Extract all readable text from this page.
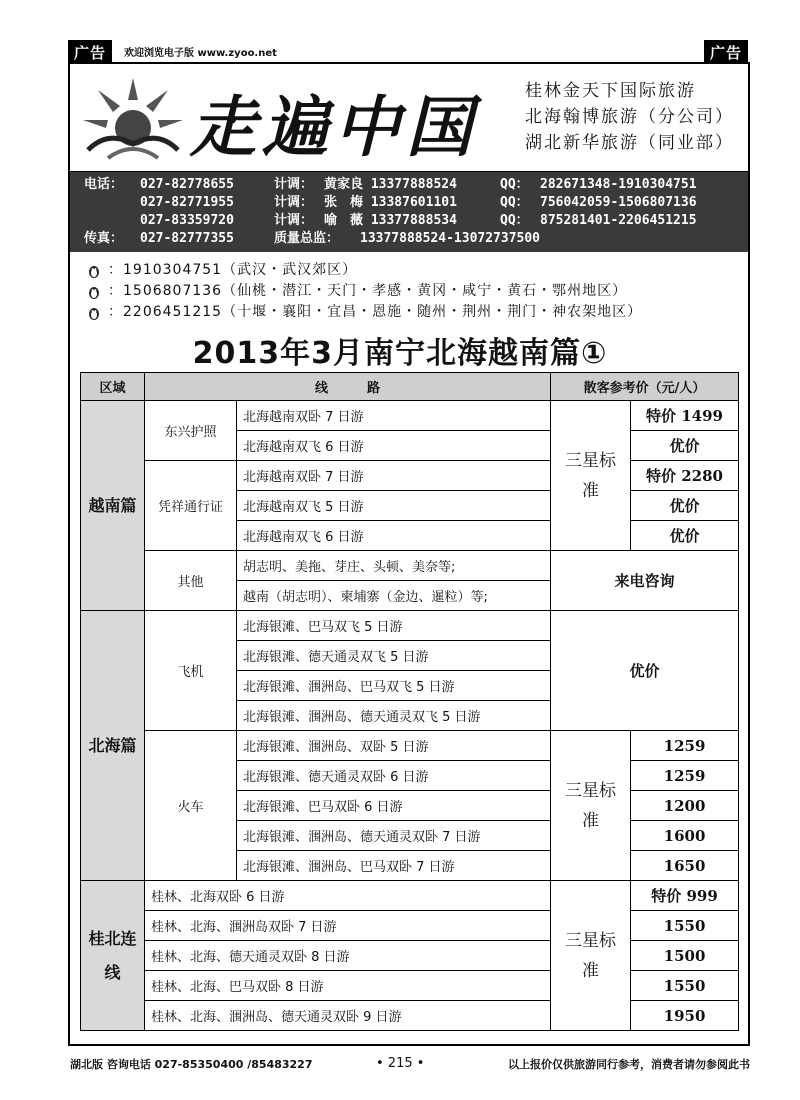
广告	欢迎浏览电子版 www.zyoo.net	广告
走遍中国	桂林金天下国际旅游
北海翰博旅游（分公司）
湖北新华旅游（同业部）
电话： 027-82778655	计调： 黄家良 13377888524	QQ： 282671348-1910304751
027-82771955	计调： 张　梅 13387601101	QQ： 756042059-1506807136
027-83359720	计调： 喻　薇 13377888534	QQ： 875281401-2206451215
传真： 027-82777355	质量总监： 13377888524-13072737500
：1910304751（武汉・武汉郊区）
：1506807136（仙桃・潜江・天门・孝感・黄冈・咸宁・黄石・鄂州地区）
：2206451215（十堰・襄阳・宜昌・恩施・随州・荆州・荆门・神农架地区）
2013年3月南宁北海越南篇①
区域	线　　　路		散客参考价（元/人）	
越南篇	东兴护照	北海越南双卧 7 日游	三星标准	特价 1499
		北海越南双飞 6 日游		优价
	凭祥通行证	北海越南双卧 7 日游		特价 2280
		北海越南双飞 5 日游		优价
		北海越南双飞 6 日游		优价
	其他	胡志明、美拖、芽庄、头顿、美奈等;	来电咨询	
		越南（胡志明）、柬埔寨（金边、暹粒）等;		
北海篇	飞机	北海银滩、巴马双飞 5 日游	优价	
		北海银滩、德天通灵双飞 5 日游		
		北海银滩、涠洲岛、巴马双飞 5 日游		
		北海银滩、涠洲岛、德天通灵双飞 5 日游		
	火车	北海银滩、涠洲岛、双卧 5 日游	三星标准	1259
		北海银滩、德天通灵双卧 6 日游		1259
		北海银滩、巴马双卧 6 日游		1200
		北海银滩、涠洲岛、德天通灵双卧 7 日游		1600
		北海银滩、涠洲岛、巴马双卧 7 日游		1650
桂北连线	桂林、北海双卧 6 日游		三星标准	特价 999
	桂林、北海、涠洲岛双卧 7 日游			1550
	桂林、北海、德天通灵双卧 8 日游			1500
	桂林、北海、巴马双卧 8 日游			1550
	桂林、北海、涠洲岛、德天通灵双卧 9 日游			1950
湖北版 咨询电话 027-85350400 /85483227	• 215 •	以上报价仅供旅游同行参考，消费者请勿参阅此书
